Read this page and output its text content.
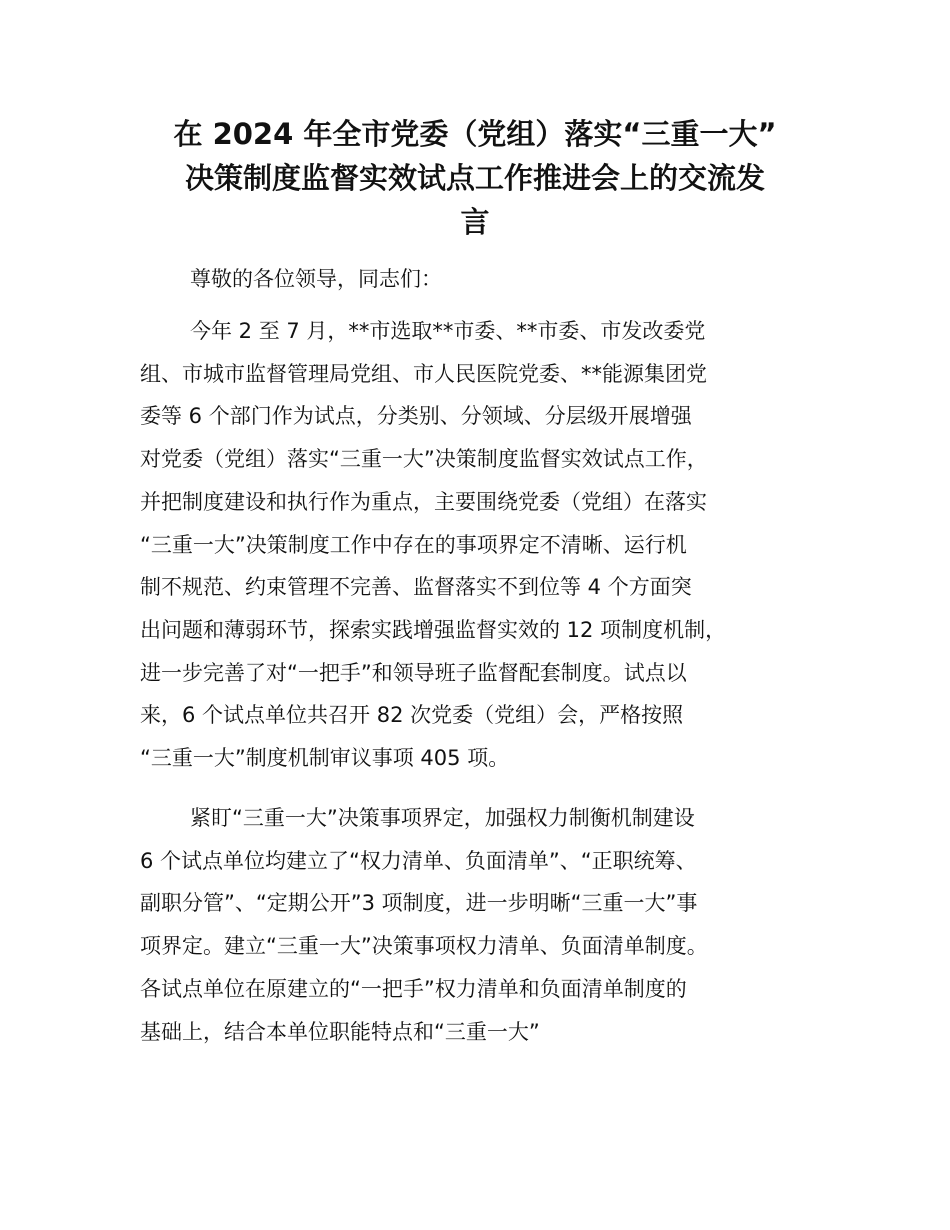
在 2024 年全市党委（党组）落实“三重一大”
决策制度监督实效试点工作推进会上的交流发
言

尊敬的各位领导，同志们：

今年 2 至 7 月，**市选取**市委、**市委、市发改委党
组、市城市监督管理局党组、市人民医院党委、**能源集团党
委等 6 个部门作为试点，分类别、分领域、分层级开展增强
对党委（党组）落实“三重一大”决策制度监督实效试点工作，
并把制度建设和执行作为重点，主要围绕党委（党组）在落实
“三重一大”决策制度工作中存在的事项界定不清晰、运行机
制不规范、约束管理不完善、监督落实不到位等 4 个方面突
出问题和薄弱环节，探索实践增强监督实效的 12 项制度机制，
进一步完善了对“一把手”和领导班子监督配套制度。试点以
来，6 个试点单位共召开 82 次党委（党组）会，严格按照
“三重一大”制度机制审议事项 405 项。

紧盯“三重一大”决策事项界定，加强权力制衡机制建设
6 个试点单位均建立了“权力清单、负面清单”、“正职统筹、
副职分管”、“定期公开”3 项制度，进一步明晰“三重一大”事
项界定。建立“三重一大”决策事项权力清单、负面清单制度。
各试点单位在原建立的“一把手”权力清单和负面清单制度的
基础上，结合本单位职能特点和“三重一大”
